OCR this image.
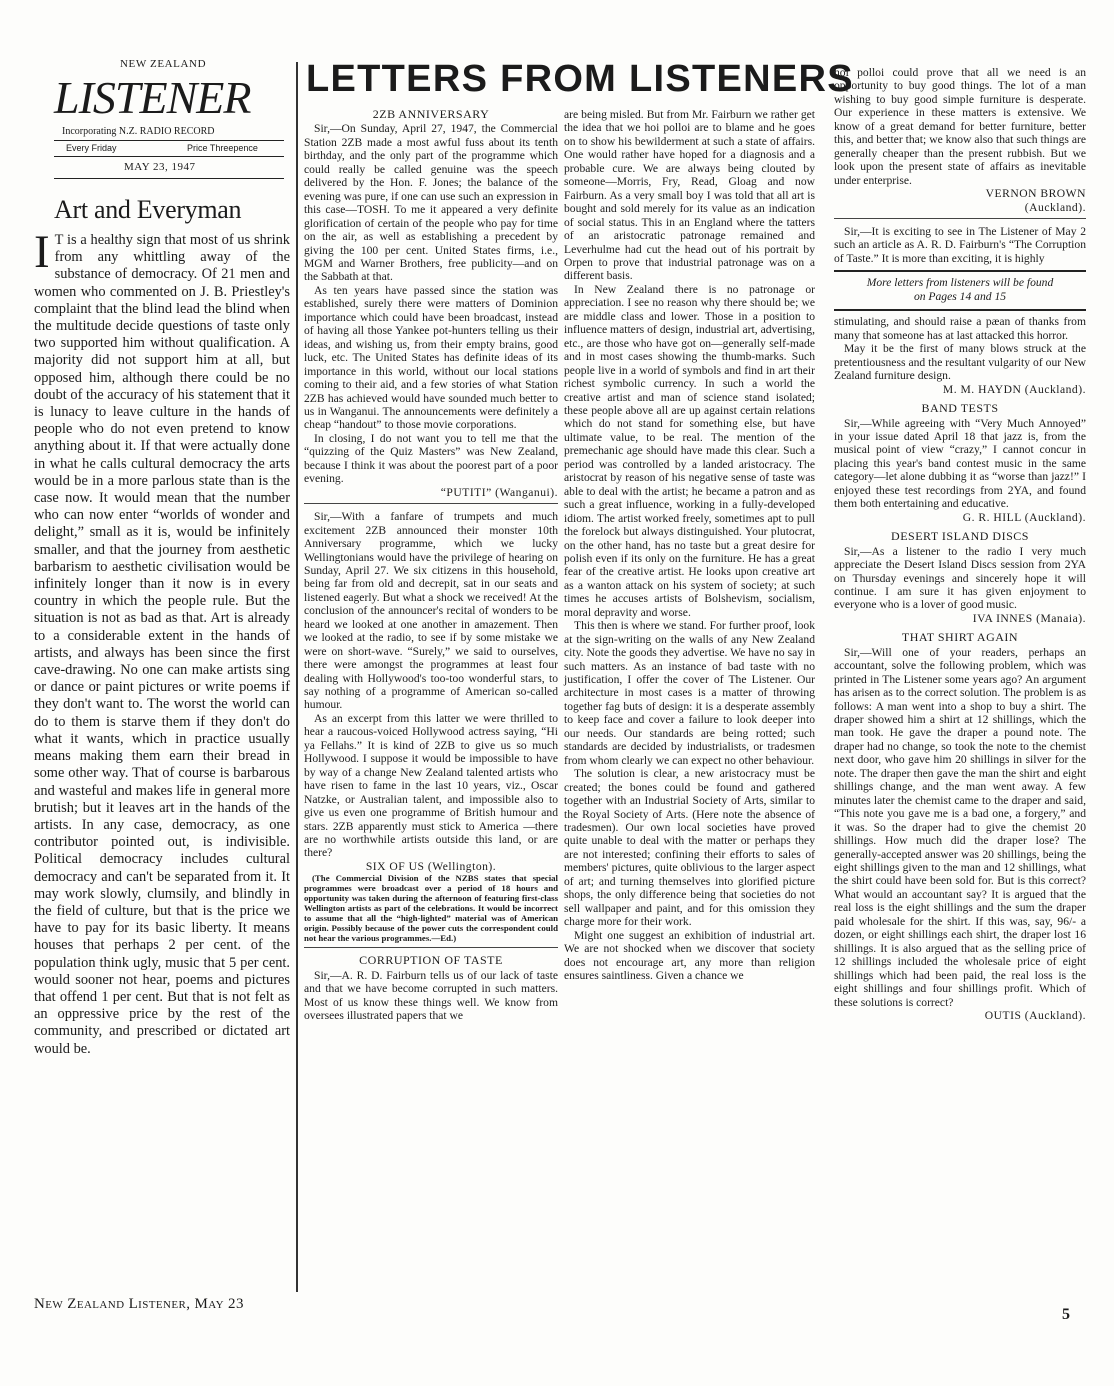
NEW ZEALAND
LISTENER
Incorporating N.Z. RADIO RECORD
Every Friday	Price Threepence
MAY 23, 1947
Art and Everyman

I T is a healthy sign that most of us shrink from any whittling away of the substance of democracy. Of 21 men and women who commented on J. B. Priestley's complaint that the blind lead the blind when the multitude decide questions of taste only two supported him without qualification. A majority did not support him at all, but opposed him, although there could be no doubt of the accuracy of his statement that it is lunacy to leave culture in the hands of people who do not even pretend to know anything about it. If that were actually done in what he calls cultural democracy the arts would be in a more parlous state than is the case now. It would mean that the number who can now enter “worlds of wonder and delight,” small as it is, would be infinitely smaller, and that the journey from aesthetic barbarism to aesthetic civilisation would be infinitely longer than it now is in every country in which the people rule. But the situation is not as bad as that. Art is already to a considerable extent in the hands of artists, and always has been since the first cave-drawing. No one can make artists sing or dance or paint pictures or write poems if they don't want to. The worst the world can do to them is starve them if they don't do what it wants, which in practice usually means making them earn their bread in some other way. That of course is barbarous and wasteful and makes life in general more brutish; but it leaves art in the hands of the artists. In any case, democracy, as one contributor pointed out, is indivisible. Political democracy includes cultural democracy and can't be separated from it. It may work slowly, clumsily, and blindly in the field of culture, but that is the price we have to pay for its basic liberty. It means houses that perhaps 2 per cent. of the population think ugly, music that 5 per cent. would sooner not hear, poems and pictures that offend 1 per cent. But that is not felt as an oppressive price by the rest of the community, and prescribed or dictated art would be.

New Zealand Listener, May 23
5
LETTERS FROM LISTENERS

2ZB ANNIVERSARY

Sir,—On Sunday, April 27, 1947, the Commercial Station 2ZB made a most awful fuss about its tenth birthday, and the only part of the programme which could really be called genuine was the speech delivered by the Hon. F. Jones; the balance of the evening was pure, if one can use such an expression in this case—TOSH. To me it appeared a very definite glorification of certain of the people who pay for time on the air, as well as establishing a precedent by giving the 100 per cent. United States firms, i.e., MGM and Warner Brothers, free publicity—and on the Sabbath at that.

As ten years have passed since the station was established, surely there were matters of Dominion importance which could have been broadcast, instead of having all those Yankee pot-hunters telling us their ideas, and wishing us, from their empty brains, good luck, etc. The United States has definite ideas of its importance in this world, without our local stations coming to their aid, and a few stories of what Station 2ZB has achieved would have sounded much better to us in Wanganui. The announcements were definitely a cheap “handout” to those movie corporations.

In closing, I do not want you to tell me that the “quizzing of the Quiz Masters” was New Zealand, because I think it was about the poorest part of a poor evening.

“PUTITI” (Wanganui).

Sir,—With a fanfare of trumpets and much excitement 2ZB announced their monster 10th Anniversary programme, which we lucky Wellingtonians would have the privilege of hearing on Sunday, April 27. We six citizens in this household, being far from old and decrepit, sat in our seats and listened eagerly. But what a shock we received! At the conclusion of the announcer's recital of wonders to be heard we looked at one another in amazement. Then we looked at the radio, to see if by some mistake we were on short-wave. “Surely,” we said to ourselves, there were amongst the programmes at least four dealing with Hollywood's too-too wonderful stars, to say nothing of a programme of American so-called humour.

As an excerpt from this latter we were thrilled to hear a raucous-voiced Hollywood actress saying, “Hi ya Fellahs.” It is kind of 2ZB to give us so much Hollywood. I suppose it would be impossible to have by way of a change New Zealand talented artists who have risen to fame in the last 10 years, viz., Oscar Natzke, or Australian talent, and impossible also to give us even one programme of British humour and stars. 2ZB apparently must stick to America —there are no worthwhile artists outside this land, or are there?

SIX OF US (Wellington).

(The Commercial Division of the NZBS states that special programmes were broadcast over a period of 18 hours and opportunity was taken during the afternoon of featuring first-class Wellington artists as part of the celebrations. It would be incorrect to assume that all the “high-lighted” material was of American origin. Possibly because of the power cuts the correspondent could not hear the various programmes.—Ed.)

CORRUPTION OF TASTE

Sir,—A. R. D. Fairburn tells us of our lack of taste and that we have become corrupted in such matters. Most of us know these things well. We know from oversees illustrated papers that we

are being misled. But from Mr. Fairburn we rather get the idea that we hoi polloi are to blame and he goes on to show his bewilderment at such a state of affairs. One would rather have hoped for a diagnosis and a probable cure. We are always being clouted by someone—Morris, Fry, Read, Gloag and now Fairburn. As a very small boy I was told that all art is bought and sold merely for its value as an indication of social status. This in an England where the tatters of an aristocratic patronage remained and Leverhulme had cut the head out of his portrait by Orpen to prove that industrial patronage was on a different basis.

In New Zealand there is no patronage or appreciation. I see no reason why there should be; we are middle class and lower. Those in a position to influence matters of design, industrial art, advertising, etc., are those who have got on—generally self-made and in most cases showing the thumb-marks. Such people live in a world of symbols and find in art their richest symbolic currency. In such a world the creative artist and man of science stand isolated; these people above all are up against certain relations which do not stand for something else, but have ultimate value, to be real. The mention of the premechanic age should have made this clear. Such a period was controlled by a landed aristocracy. The aristocrat by reason of his negative sense of taste was able to deal with the artist; he became a patron and as such a great influence, working in a fully-developed idiom. The artist worked freely, sometimes apt to pull the forelock but always distinguished. Your plutocrat, on the other hand, has no taste but a great desire for polish even if its only on the furniture. He has a great fear of the creative artist. He looks upon creative art as a wanton attack on his system of society; at such times he accuses artists of Bolshevism, socialism, moral depravity and worse.

This then is where we stand. For further proof, look at the sign-writing on the walls of any New Zealand city. Note the goods they advertise. We have no say in such matters. As an instance of bad taste with no justification, I offer the cover of The Listener. Our architecture in most cases is a matter of throwing together fag buts of design: it is a desperate assembly to keep face and cover a failure to look deeper into our needs. Our standards are being rotted; such standards are decided by industrialists, or tradesmen from whom clearly we can expect no other behaviour.

The solution is clear, a new aristocracy must be created; the bones could be found and gathered together with an Industrial Society of Arts, similar to the Royal Society of Arts. (Here note the absence of tradesmen). Our own local societies have proved quite unable to deal with the matter or perhaps they are not interested; confining their efforts to sales of members' pictures, quite oblivious to the larger aspect of art; and turning themselves into glorified picture shops, the only difference being that societies do not sell wallpaper and paint, and for this omission they charge more for their work.

Might one suggest an exhibition of industrial art. We are not shocked when we discover that society does not encourage art, any more than religion ensures saintliness. Given a chance we

hoi polloi could prove that all we need is an opportunity to buy good things. The lot of a man wishing to buy good simple furniture is desperate. Our experience in these matters is extensive. We know of a great demand for better furniture, better this, and better that; we know also that such things are generally cheaper than the present rubbish. But we look upon the present state of affairs as inevitable under enterprise.

VERNON BROWN

(Auckland).

Sir,—It is exciting to see in The Listener of May 2 such an article as A. R. D. Fairburn's “The Corruption of Taste.” It is more than exciting, it is highly

More letters from listeners will be found

on Pages 14 and 15

stimulating, and should raise a pæan of thanks from many that someone has at last attacked this horror.

May it be the first of many blows struck at the pretentiousness and the resultant vulgarity of our New Zealand furniture design.

M. M. HAYDN (Auckland).

BAND TESTS

Sir,—While agreeing with “Very Much Annoyed” in your issue dated April 18 that jazz is, from the musical point of view “crazy,” I cannot concur in placing this year's band contest music in the same category—let alone dubbing it as “worse than jazz!” I enjoyed these test recordings from 2YA, and found them both entertaining and educative.

G. R. HILL (Auckland).

DESERT ISLAND DISCS

Sir,—As a listener to the radio I very much appreciate the Desert Island Discs session from 2YA on Thursday evenings and sincerely hope it will continue. I am sure it has given enjoyment to everyone who is a lover of good music.

IVA INNES (Manaia).

THAT SHIRT AGAIN

Sir,—Will one of your readers, perhaps an accountant, solve the following problem, which was printed in The Listener some years ago? An argument has arisen as to the correct solution. The problem is as follows: A man went into a shop to buy a shirt. The draper showed him a shirt at 12 shillings, which the man took. He gave the draper a pound note. The draper had no change, so took the note to the chemist next door, who gave him 20 shillings in silver for the note. The draper then gave the man the shirt and eight shillings change, and the man went away. A few minutes later the chemist came to the draper and said, “This note you gave me is a bad one, a forgery,” and it was. So the draper had to give the chemist 20 shillings. How much did the draper lose? The generally-accepted answer was 20 shillings, being the eight shillings given to the man and 12 shillings, what the shirt could have been sold for. But is this correct? What would an accountant say? It is argued that the real loss is the eight shillings and the sum the draper paid wholesale for the shirt. If this was, say, 96/- a dozen, or eight shillings each shirt, the draper lost 16 shillings. It is also argued that as the selling price of 12 shillings included the wholesale price of eight shillings which had been paid, the real loss is the eight shillings and four shillings profit. Which of these solutions is correct?

OUTIS (Auckland).
